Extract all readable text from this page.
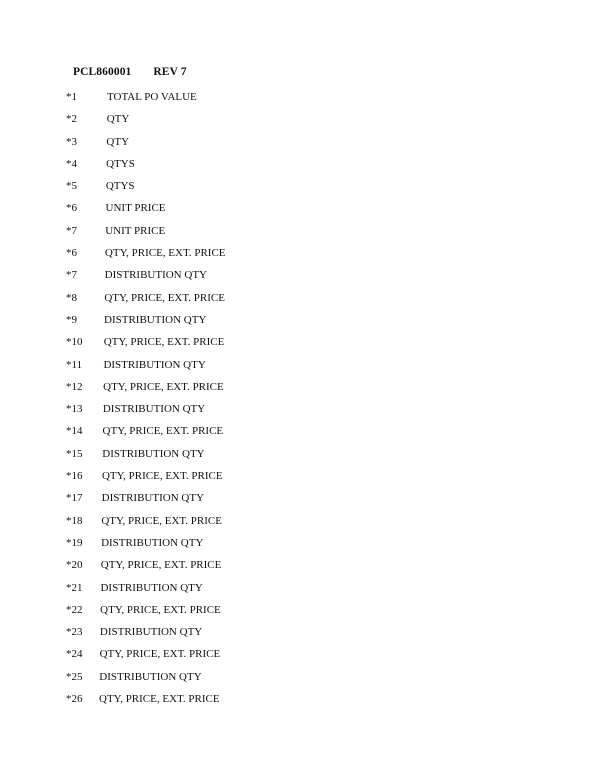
PCL860001 REV 7
*1	TOTAL PO VALUE
*2	QTY
*3	QTY
*4	QTYS
*5	QTYS
*6	UNIT PRICE
*7	UNIT PRICE
*6	QTY, PRICE, EXT. PRICE
*7	DISTRIBUTION QTY
*8 QTY, PRICE, EXT. PRICE
*9 DISTRIBUTION QTY
*10 QTY, PRICE, EXT. PRICE
*11 DISTRIBUTION QTY
*12 QTY, PRICE, EXT. PRICE
*13 DISTRIBUTION QTY
*14 QTY, PRICE, EXT. PRICE
*15 DISTRIBUTION QTY
*16 QTY, PRICE, EXT. PRICE
*17 DISTRIBUTION QTY
*18 QTY, PRICE, EXT. PRICE
*19 DISTRIBUTION QTY
*20 QTY, PRICE, EXT. PRICE
*21 DISTRIBUTION QTY
*22 QTY, PRICE, EXT. PRICE
*23 DISTRIBUTION QTY
*24 QTY, PRICE, EXT. PRICE
*25 DISTRIBUTION QTY
*26 QTY, PRICE, EXT. PRICE
